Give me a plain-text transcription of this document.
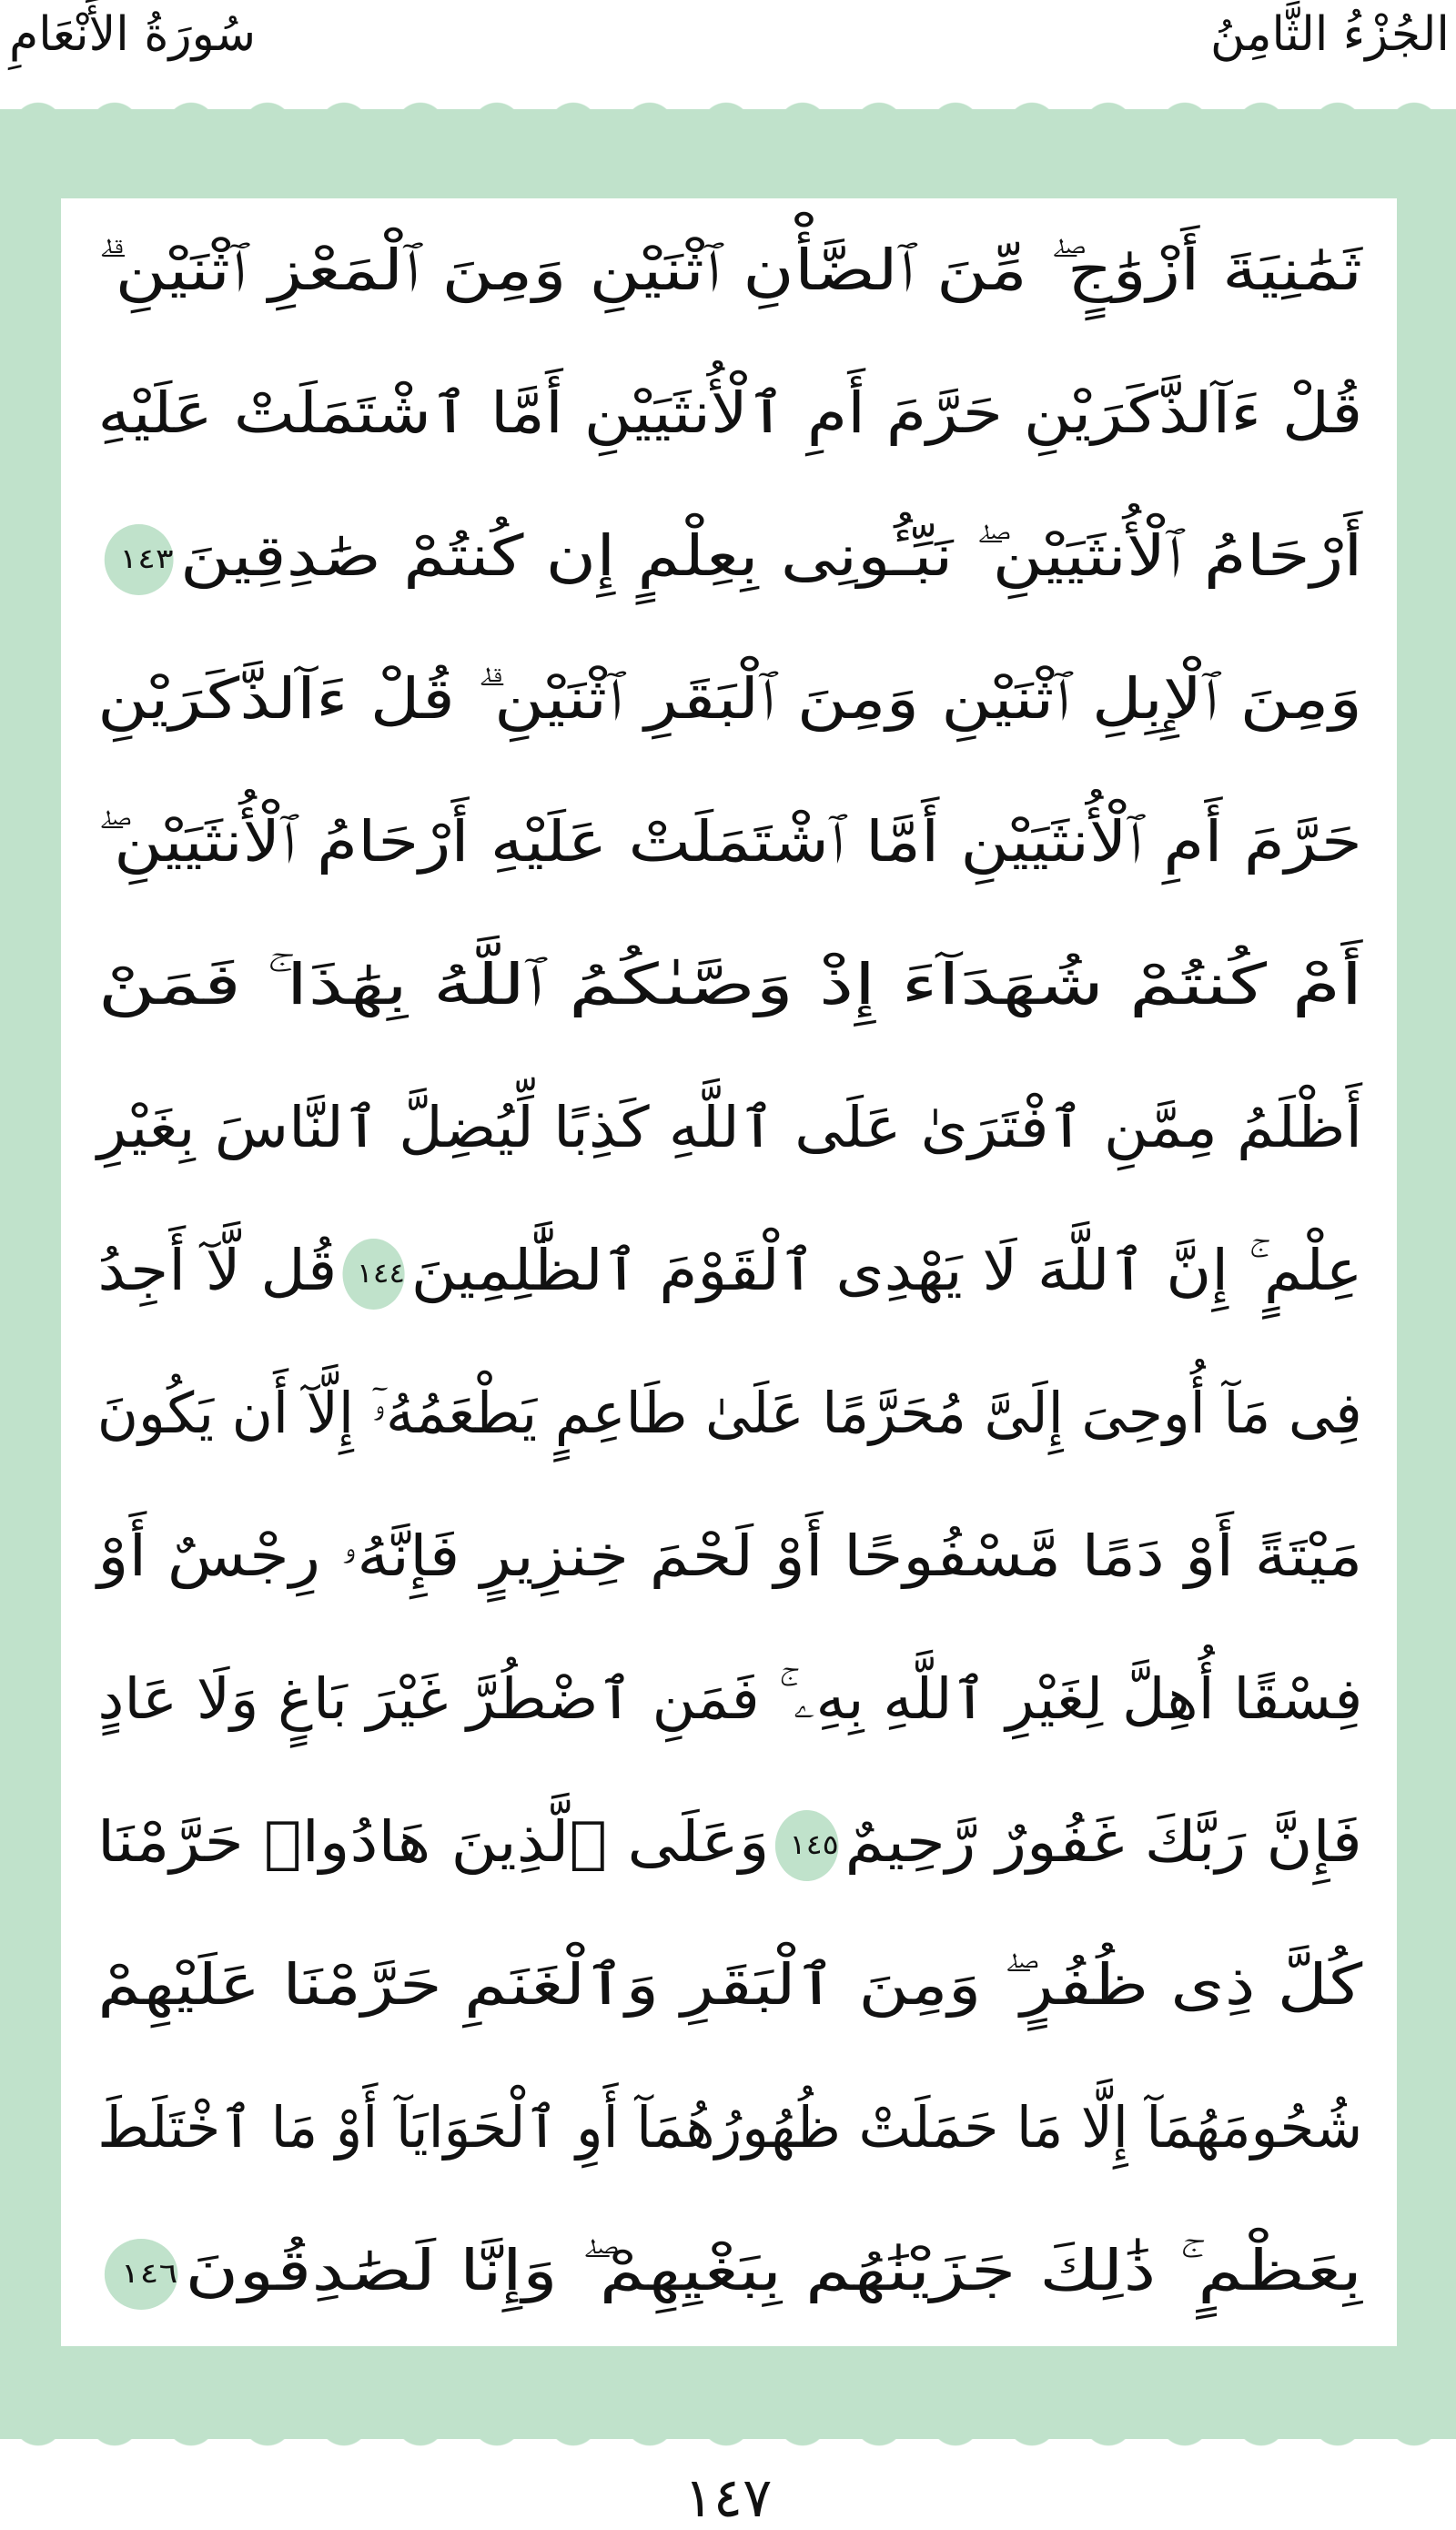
سُورَةُ الأَنْعَامِ	الجُزْءُ الثَّامِنُ
ثَمَٰنِيَةَ أَزْوَٰجٍ ۖ مِّنَ ٱلضَّأْنِ ٱثْنَيْنِ وَمِنَ ٱلْمَعْزِ ٱثْنَيْنِ ۗ
قُلْ ءَآلذَّكَرَيْنِ حَرَّمَ أَمِ ٱلْأُنثَيَيْنِ أَمَّا ٱشْتَمَلَتْ عَلَيْهِ
أَرْحَامُ ٱلْأُنثَيَيْنِ ۖ نَبِّـُٔونِى بِعِلْمٍ إِن كُنتُمْ صَٰدِقِينَ١٤٣
وَمِنَ ٱلْإِبِلِ ٱثْنَيْنِ وَمِنَ ٱلْبَقَرِ ٱثْنَيْنِ ۗ قُلْ ءَآلذَّكَرَيْنِ
حَرَّمَ أَمِ ٱلْأُنثَيَيْنِ أَمَّا ٱشْتَمَلَتْ عَلَيْهِ أَرْحَامُ ٱلْأُنثَيَيْنِ ۖ
أَمْ كُنتُمْ شُهَدَآءَ إِذْ وَصَّىٰكُمُ ٱللَّهُ بِهَٰذَا ۚ فَمَنْ
أَظْلَمُ مِمَّنِ ٱفْتَرَىٰ عَلَى ٱللَّهِ كَذِبًا لِّيُضِلَّ ٱلنَّاسَ بِغَيْرِ
عِلْمٍ ۚ إِنَّ ٱللَّهَ لَا يَهْدِى ٱلْقَوْمَ ٱلظَّٰلِمِينَ١٤٤قُل لَّآ أَجِدُ
فِى مَآ أُوحِىَ إِلَىَّ مُحَرَّمًا عَلَىٰ طَاعِمٍ يَطْعَمُهُۥٓ إِلَّآ أَن يَكُونَ
مَيْتَةً أَوْ دَمًا مَّسْفُوحًا أَوْ لَحْمَ خِنزِيرٍ فَإِنَّهُۥ رِجْسٌ أَوْ
فِسْقًا أُهِلَّ لِغَيْرِ ٱللَّهِ بِهِۦ ۚ فَمَنِ ٱضْطُرَّ غَيْرَ بَاغٍ وَلَا عَادٍ
فَإِنَّ رَبَّكَ غَفُورٌ رَّحِيمٌ١٤٥وَعَلَى ٱلَّذِينَ هَادُوا۟ حَرَّمْنَا
كُلَّ ذِى ظُفُرٍ ۖ وَمِنَ ٱلْبَقَرِ وَٱلْغَنَمِ حَرَّمْنَا عَلَيْهِمْ
شُحُومَهُمَآ إِلَّا مَا حَمَلَتْ ظُهُورُهُمَآ أَوِ ٱلْحَوَايَآ أَوْ مَا ٱخْتَلَطَ
بِعَظْمٍ ۚ ذَٰلِكَ جَزَيْنَٰهُم بِبَغْيِهِمْ ۖ وَإِنَّا لَصَٰدِقُونَ١٤٦
١٤٧
